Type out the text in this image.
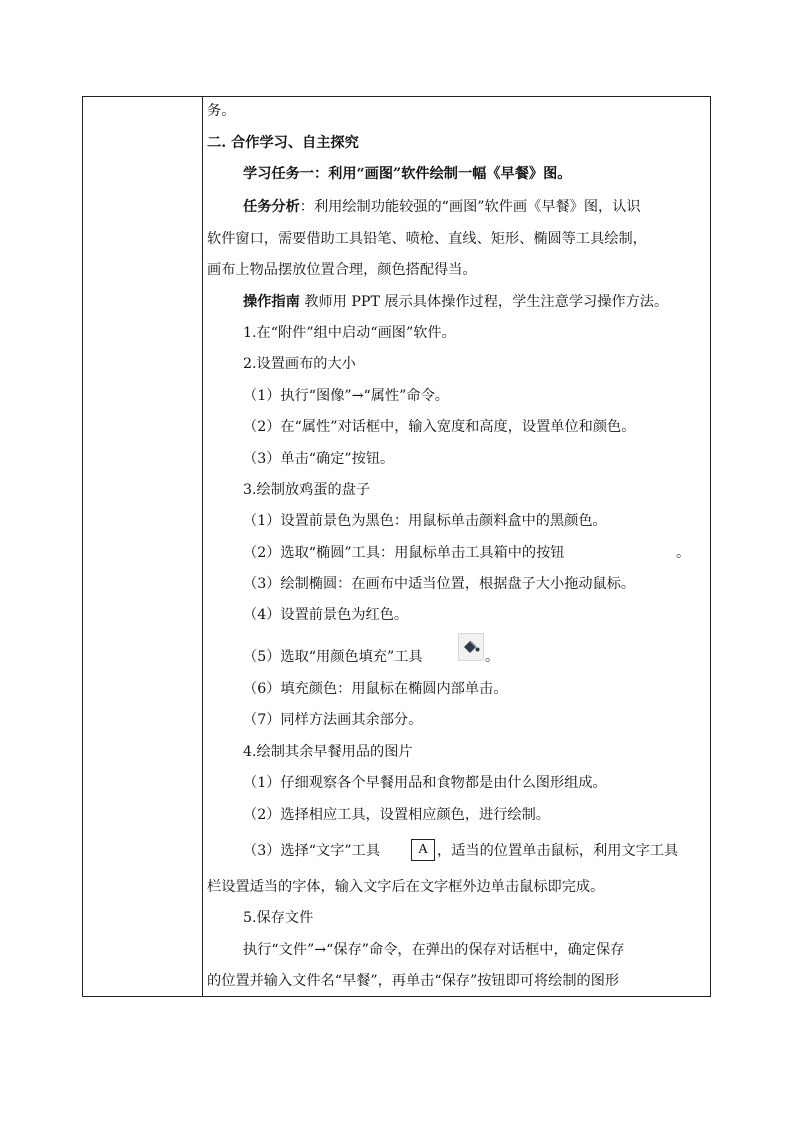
务。
二. 合作学习、自主探究
学习任务一：利用“画图”软件绘制一幅《早餐》图。
任务分析：利用绘制功能较强的“画图”软件画《早餐》图，认识
软件窗口，需要借助工具铅笔、喷枪、直线、矩形、椭圆等工具绘制，
画布上物品摆放位置合理，颜色搭配得当。
操作指南 教师用 PPT 展示具体操作过程，学生注意学习操作方法。
1.在“附件”组中启动“画图”软件。
2.设置画布的大小
（1）执行“图像”→“属性”命令。
（2）在“属性”对话框中，输入宽度和高度，设置单位和颜色。
（3）单击“确定”按钮。
3.绘制放鸡蛋的盘子
（1）设置前景色为黑色：用鼠标单击颜料盒中的黑颜色。
（2）选取“椭圆”工具：用鼠标单击工具箱中的按钮	。
（3）绘制椭圆：在画布中适当位置，根据盘子大小拖动鼠标。
（4）设置前景色为红色。
（5）选取“用颜色填充”工具	。
（6）填充颜色：用鼠标在椭圆内部单击。
（7）同样方法画其余部分。
4.绘制其余早餐用品的图片
（1）仔细观察各个早餐用品和食物都是由什么图形组成。
（2）选择相应工具，设置相应颜色，进行绘制。
（3）选择“文字”工具	，适当的位置单击鼠标，利用文字工具
A
栏设置适当的字体，输入文字后在文字框外边单击鼠标即完成。
5.保存文件
执行“文件”→“保存”命令，在弹出的保存对话框中，确定保存
的位置并输入文件名“早餐”，再单击“保存”按钮即可将绘制的图形
